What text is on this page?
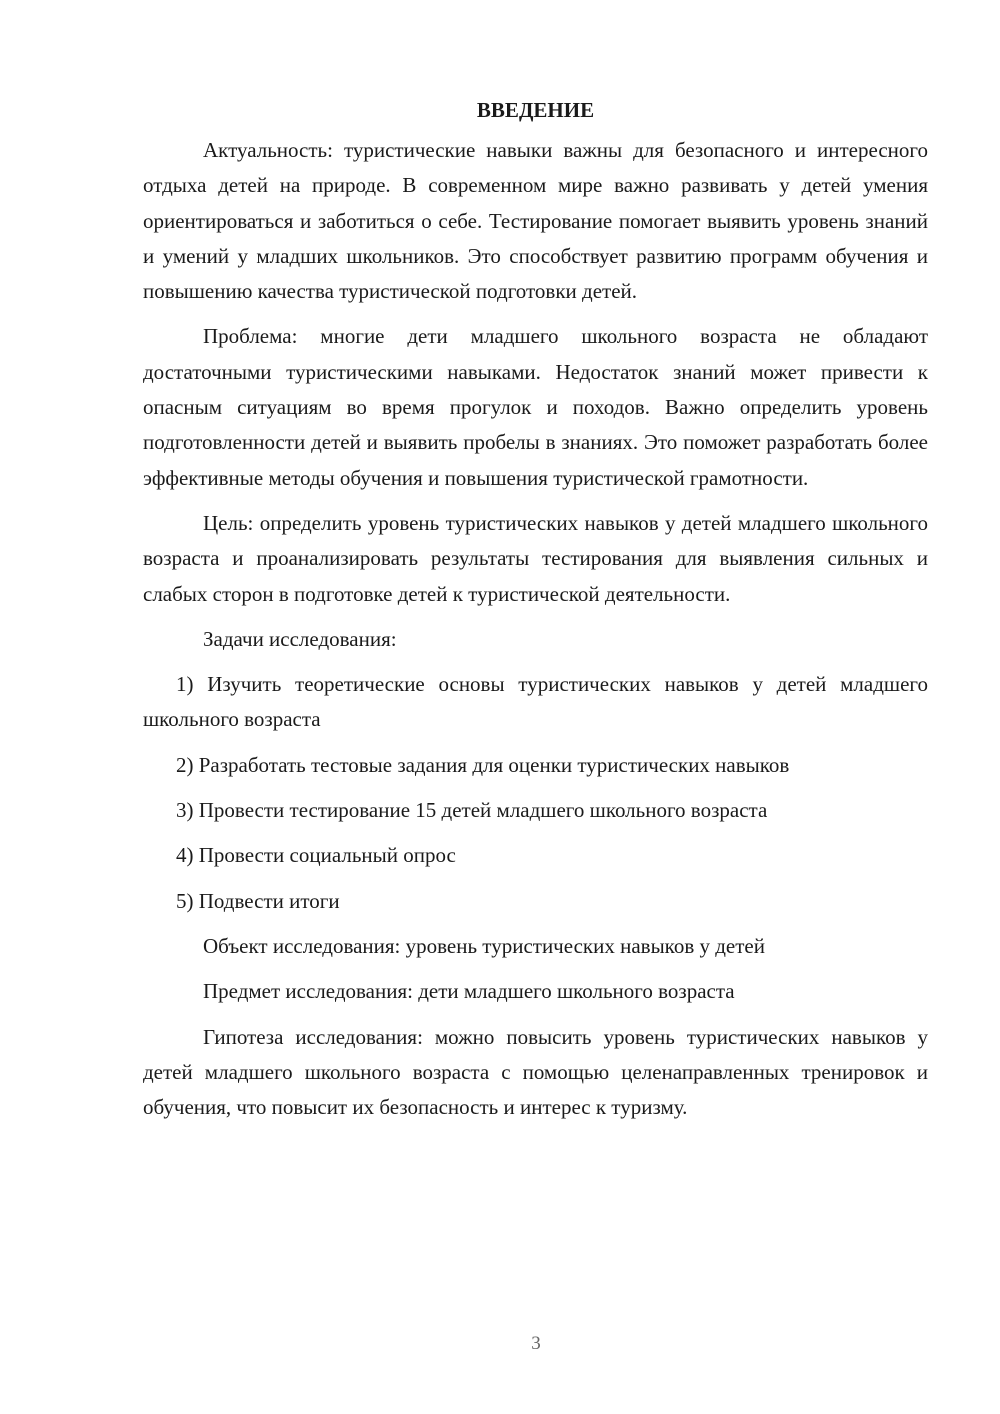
ВВЕДЕНИЕ

Актуальность: туристические навыки важны для безопасного и интересного отдыха детей на природе. В современном мире важно развивать у детей умения ориентироваться и заботиться о себе. Тестирование помогает выявить уровень знаний и умений у младших школьников. Это способствует развитию программ обучения и повышению качества туристической подготовки детей.

Проблема: многие дети младшего школьного возраста не обладают достаточными туристическими навыками. Недостаток знаний может привести к опасным ситуациям во время прогулок и походов. Важно определить уровень подготовленности детей и выявить пробелы в знаниях. Это поможет разработать более эффективные методы обучения и повышения туристической грамотности.

Цель: определить уровень туристических навыков у детей младшего школьного возраста и проанализировать результаты тестирования для выявления сильных и слабых сторон в подготовке детей к туристической деятельности.

Задачи исследования:

1) Изучить теоретические основы туристических навыков у детей младшего школьного возраста

2) Разработать тестовые задания для оценки туристических навыков

3) Провести тестирование 15 детей младшего школьного возраста

4) Провести социальный опрос

5) Подвести итоги

Объект исследования: уровень туристических навыков у детей

Предмет исследования: дети младшего школьного возраста

Гипотеза исследования: можно повысить уровень туристических навыков у детей младшего школьного возраста с помощью целенаправленных тренировок и обучения, что повысит их безопасность и интерес к туризму.

3
